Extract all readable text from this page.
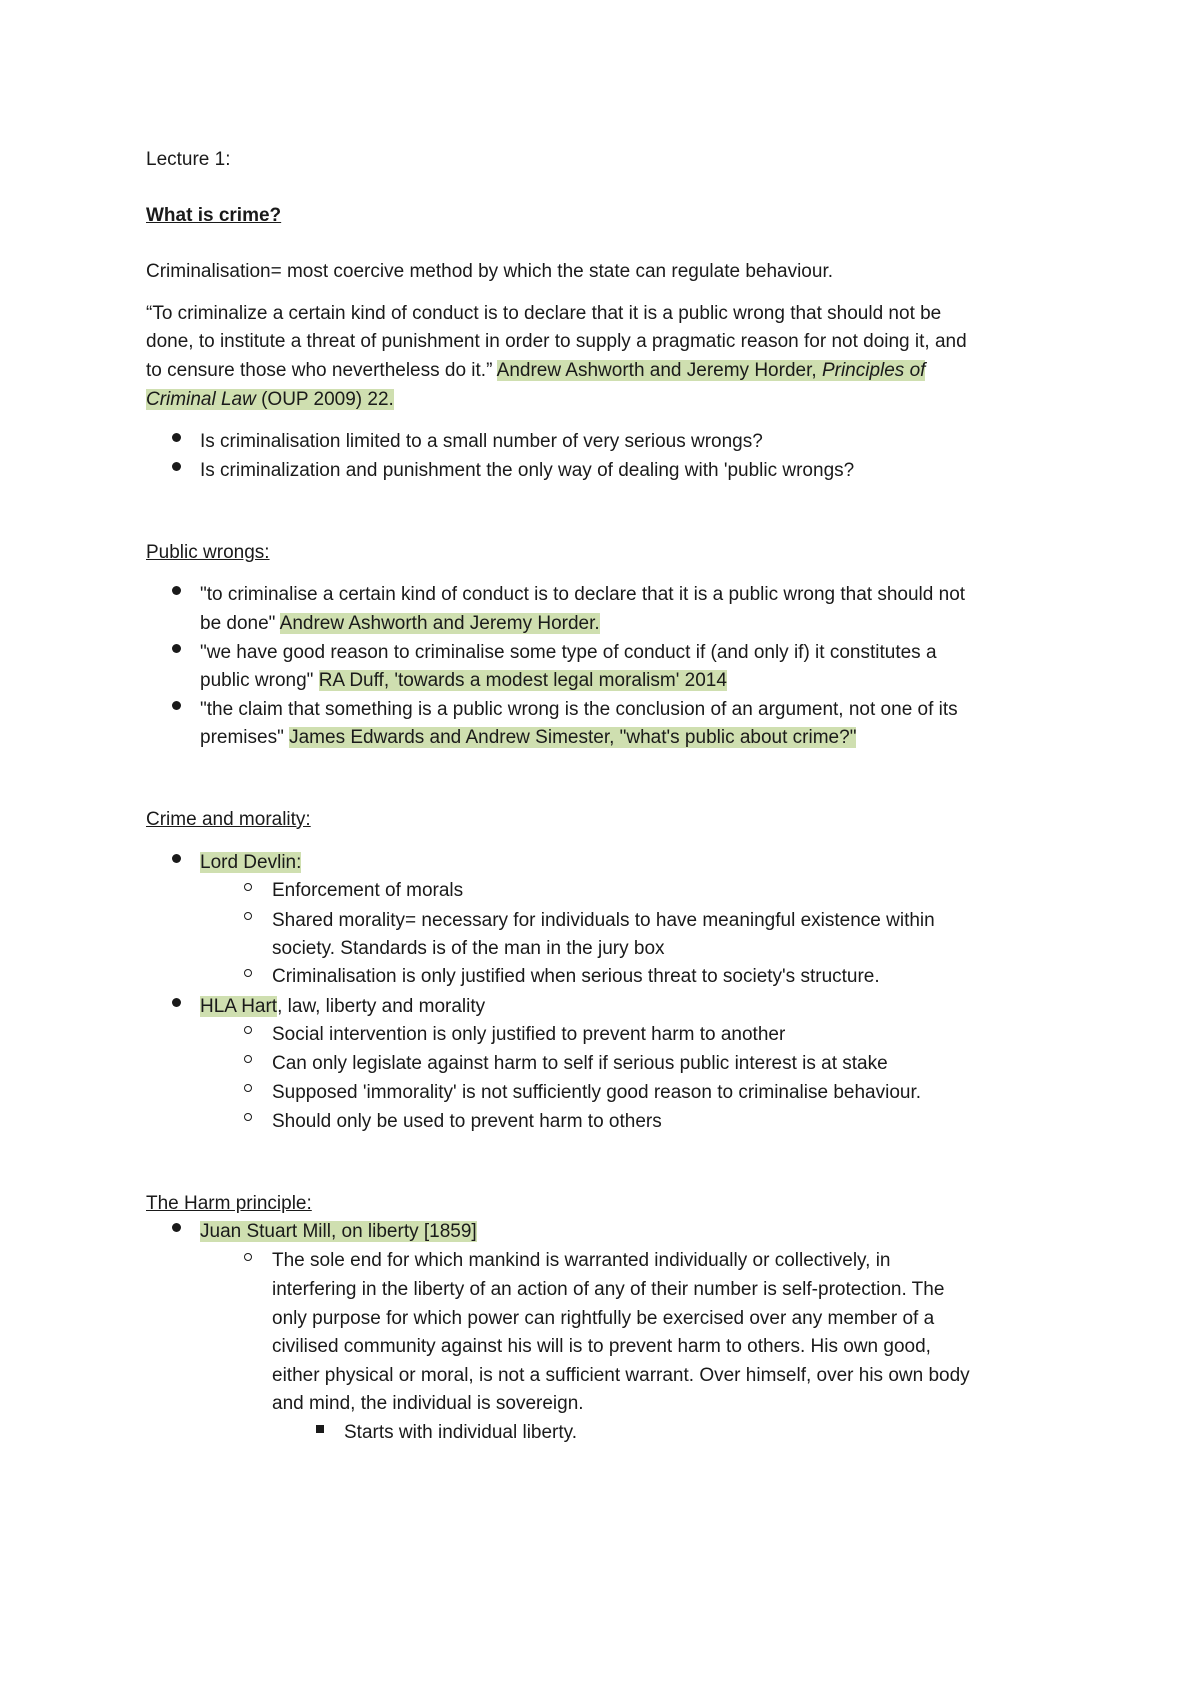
Lecture 1:
What is crime?
Criminalisation= most coercive method by which the state can regulate behaviour.
“To criminalize a certain kind of conduct is to declare that it is a public wrong that should not be
done, to institute a threat of punishment in order to supply a pragmatic reason for not doing it, and
to censure those who nevertheless do it.” Andrew Ashworth and Jeremy Horder, Principles of
Criminal Law (OUP 2009) 22.
Is criminalisation limited to a small number of very serious wrongs?
Is criminalization and punishment the only way of dealing with 'public wrongs?
Public wrongs:
"to criminalise a certain kind of conduct is to declare that it is a public wrong that should not
be done" Andrew Ashworth and Jeremy Horder.
"we have good reason to criminalise some type of conduct if (and only if) it constitutes a
public wrong" RA Duff, 'towards a modest legal moralism' 2014
"the claim that something is a public wrong is the conclusion of an argument, not one of its
premises" James Edwards and Andrew Simester, "what's public about crime?"
Crime and morality:
Lord Devlin:
Enforcement of morals
Shared morality= necessary for individuals to have meaningful existence within
society. Standards is of the man in the jury box
Criminalisation is only justified when serious threat to society's structure.
HLA Hart, law, liberty and morality
Social intervention is only justified to prevent harm to another
Can only legislate against harm to self if serious public interest is at stake
Supposed 'immorality' is not sufficiently good reason to criminalise behaviour.
Should only be used to prevent harm to others
The Harm principle:
Juan Stuart Mill, on liberty [1859]
The sole end for which mankind is warranted individually or collectively, in
interfering in the liberty of an action of any of their number is self-protection. The
only purpose for which power can rightfully be exercised over any member of a
civilised community against his will is to prevent harm to others. His own good,
either physical or moral, is not a sufficient warrant. Over himself, over his own body
and mind, the individual is sovereign.
Starts with individual liberty.
